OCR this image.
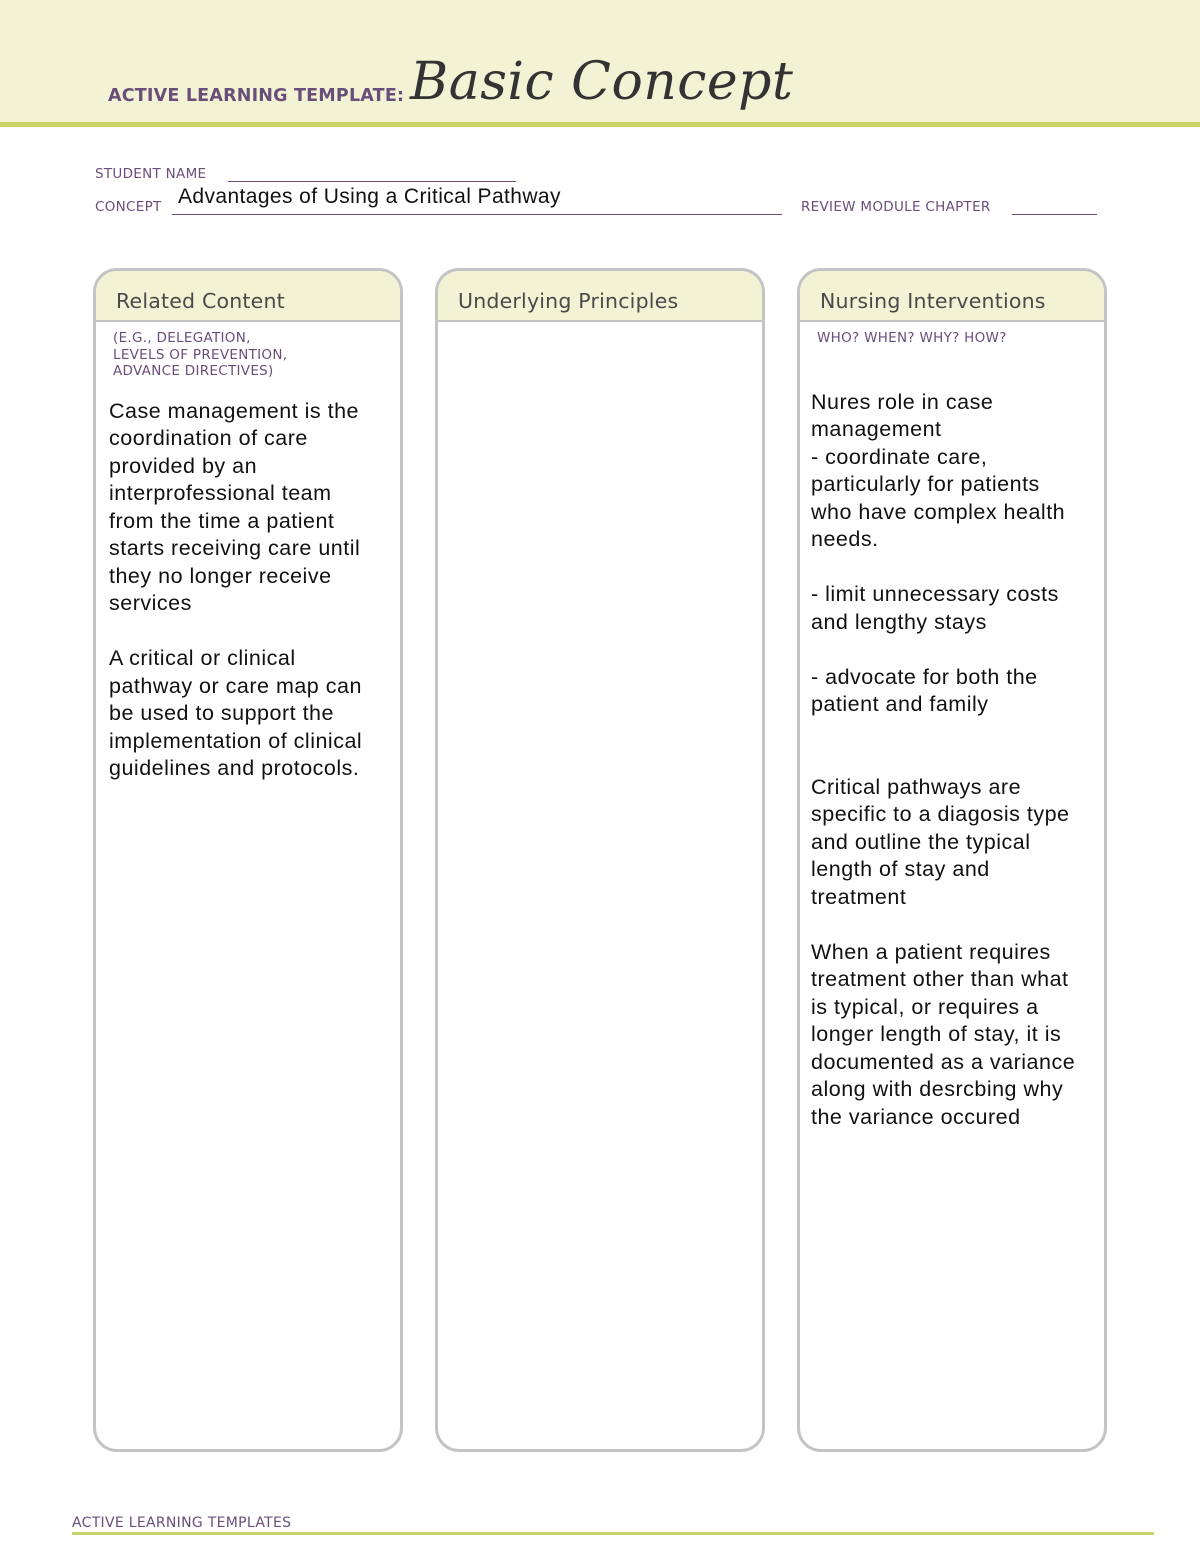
ACTIVE LEARNING TEMPLATE: Basic Concept
STUDENT NAME
CONCEPT Advantages of Using a Critical Pathway	REVIEW MODULE CHAPTER
Related Content
(E.G., DELEGATION,
LEVELS OF PREVENTION,
ADVANCE DIRECTIVES)
Case management is the
coordination of care
provided by an
interprofessional team
from the time a patient
starts receiving care until
they no longer receive
services

A critical or clinical
pathway or care map can
be used to support the
implementation of clinical
guidelines and protocols.
Underlying Principles	Nursing Interventions
WHO? WHEN? WHY? HOW?
Nures role in case
management
- coordinate care,
particularly for patients
who have complex health
needs.

- limit unnecessary costs
and lengthy stays

- advocate for both the
patient and family
Critical pathways are
specific to a diagosis type
and outline the typical
length of stay and
treatment

When a patient requires
treatment other than what
is typical, or requires a
longer length of stay, it is
documented as a variance
along with desrcbing why
the variance occured
ACTIVE LEARNING TEMPLATES
